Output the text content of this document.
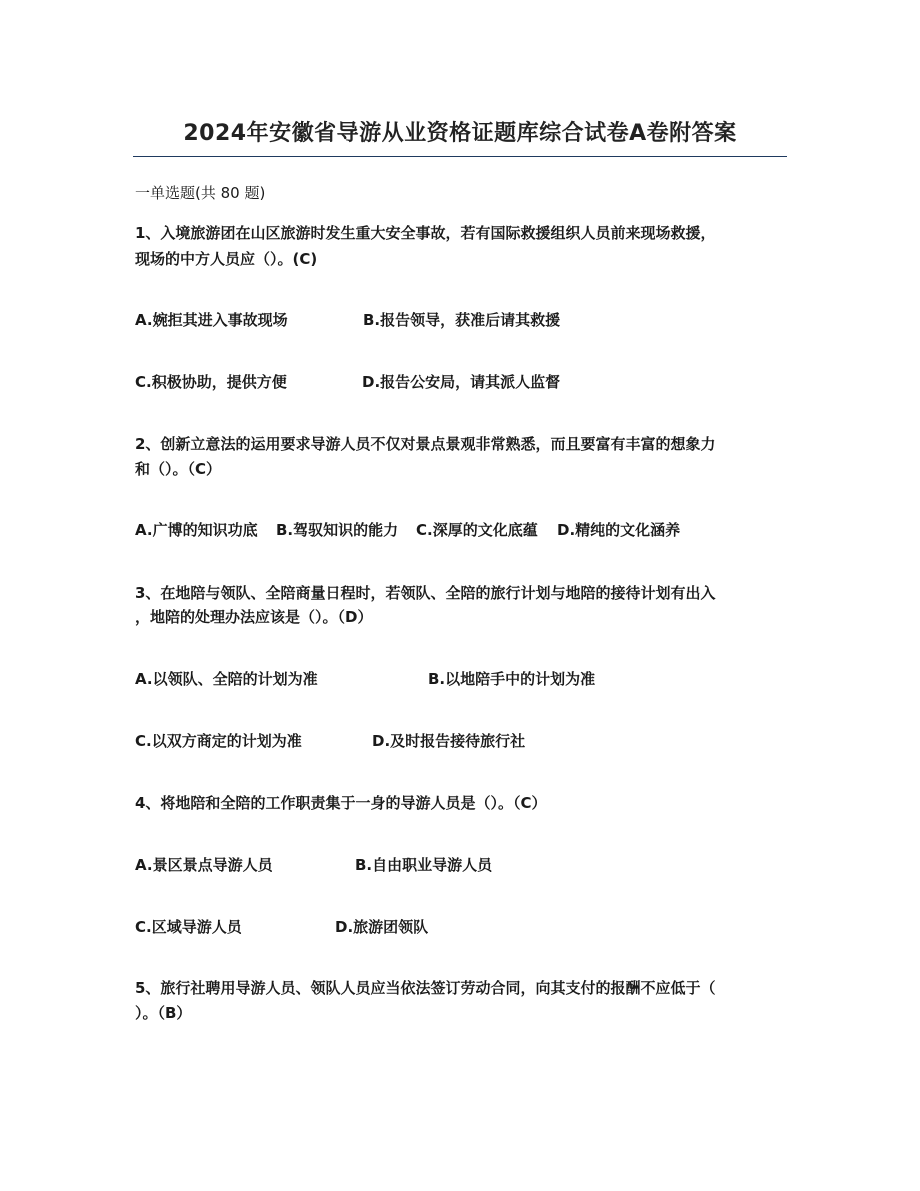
2024年安徽省导游从业资格证题库综合试卷A卷附答案
一单选题(共 80 题)
1、入境旅游团在山区旅游时发生重大安全事故，若有国际救援组织人员前来现场救援，
现场的中方人员应（）。(C)
A.婉拒其进入事故现场	B.报告领导，获准后请其救援
C.积极协助，提供方便	D.报告公安局，请其派人监督
2、创新立意法的运用要求导游人员不仅对景点景观非常熟悉，而且要富有丰富的想象力
和（）。（C）
A.广博的知识功底 B.驾驭知识的能力 C.深厚的文化底蕴 D.精纯的文化涵养
3、在地陪与领队、全陪商量日程时，若领队、全陪的旅行计划与地陪的接待计划有出入
，地陪的处理办法应该是（）。（D）
A.以领队、全陪的计划为准	B.以地陪手中的计划为准
C.以双方商定的计划为准	D.及时报告接待旅行社
4、将地陪和全陪的工作职责集于一身的导游人员是（）。（C）
A.景区景点导游人员	B.自由职业导游人员
C.区域导游人员	D.旅游团领队
5、旅行社聘用导游人员、领队人员应当依法签订劳动合同，向其支付的报酬不应低于（
）。（B）
